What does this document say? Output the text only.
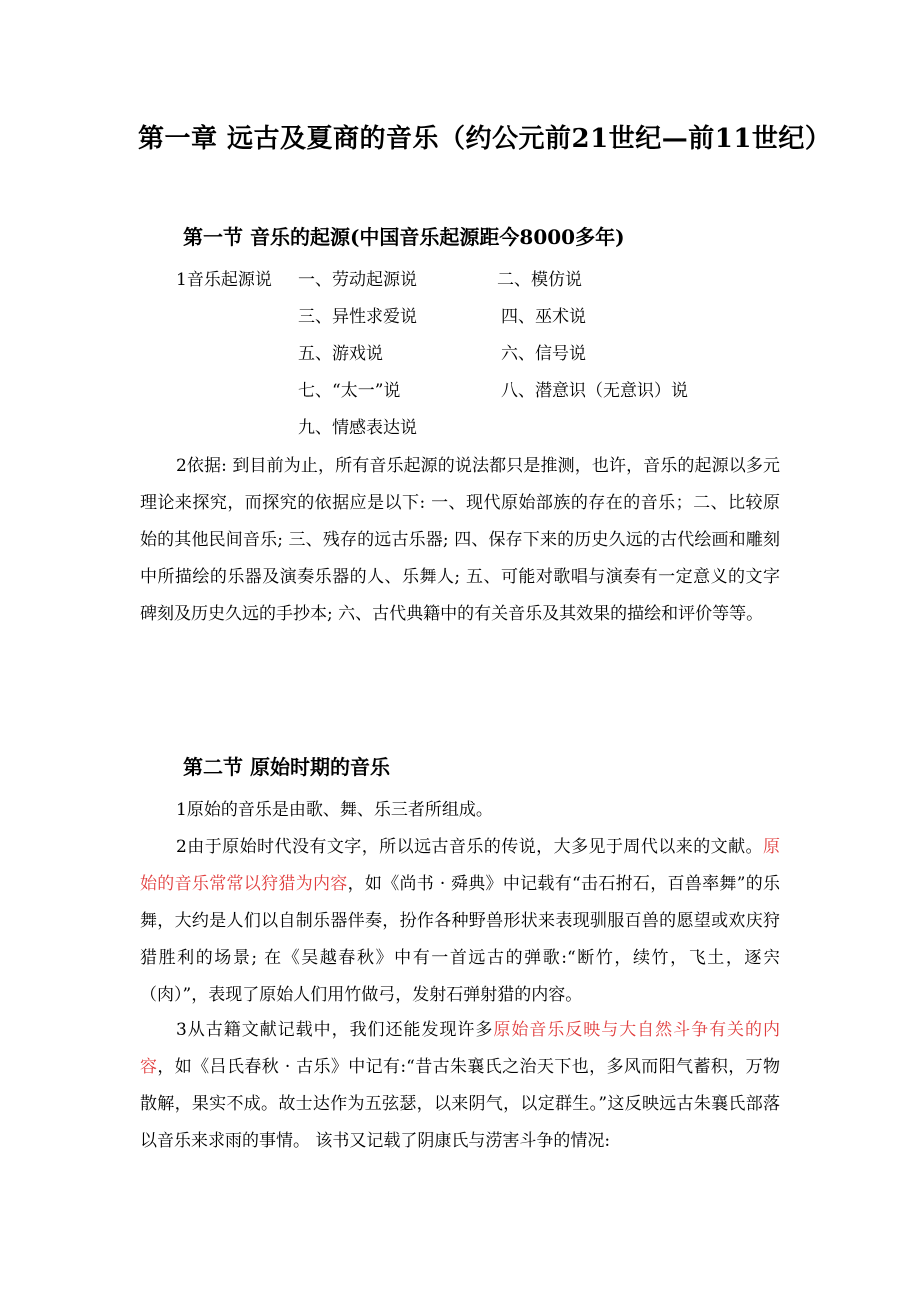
第一章 远古及夏商的音乐（约公元前21世纪—前11世纪）
第一节 音乐的起源(中国音乐起源距今8000多年)
1音乐起源说 一、劳动起源说	二、模仿说
三、异性求爱说	四、巫术说
五、游戏说	六、信号说
七、“太一”说	八、潜意识（无意识）说
九、情感表达说

2依据: 到目前为止，所有音乐起源的说法都只是推测，也许，音乐的起源以多元理论来探究，而探究的依据应是以下: 一、现代原始部族的存在的音乐；二、比较原始的其他民间音乐; 三、残存的远古乐器; 四、保存下来的历史久远的古代绘画和雕刻中所描绘的乐器及演奏乐器的人、乐舞人; 五、可能对歌唱与演奏有一定意义的文字碑刻及历史久远的手抄本; 六、古代典籍中的有关音乐及其效果的描绘和评价等等。

第二节 原始时期的音乐

1原始的音乐是由歌、舞、乐三者所组成。

2由于原始时代没有文字，所以远古音乐的传说，大多见于周代以来的文献。原始的音乐常常以狩猎为内容，如《尚书 · 舜典》中记载有“击石拊石，百兽率舞”的乐舞，大约是人们以自制乐器伴奏，扮作各种野兽形状来表现驯服百兽的愿望或欢庆狩猎胜利的场景; 在《吴越春秋》中有一首远古的弹歌:“断竹，续竹，飞土，逐宍（肉）”，表现了原始人们用竹做弓，发射石弹射猎的内容。

3从古籍文献记载中，我们还能发现许多原始音乐反映与大自然斗争有关的内容，如《吕氏春秋 · 古乐》中记有:“昔古朱襄氏之治天下也，多风而阳气蓄积，万物散解，果实不成。故士达作为五弦瑟，以来阴气，以定群生。”这反映远古朱襄氏部落以音乐来求雨的事情。 该书又记载了阴康氏与涝害斗争的情况:
